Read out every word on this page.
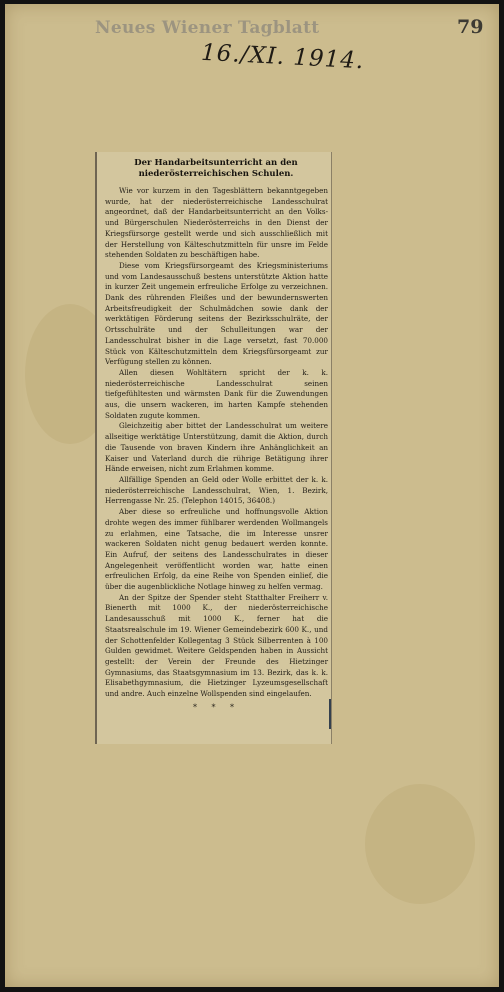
Neues Wiener Tagblatt	79
16./XI. 1914.
Der Handarbeitsunterricht an den niederösterreichischen Schulen.

Wie vor kurzem in den Tagesblättern bekanntgegeben wurde, hat der niederösterreichische Landesschulrat angeordnet, daß der Handarbeitsunterricht an den Volks- und Bürgerschulen Niederösterreichs in den Dienst der Kriegsfürsorge gestellt werde und sich ausschließlich mit der Herstellung von Kälteschutzmitteln für unsre im Felde stehenden Soldaten zu beschäftigen habe.

Diese vom Kriegsfürsorgeamt des Kriegsministeriums und vom Landesausschuß bestens unterstützte Aktion hatte in kurzer Zeit ungemein erfreuliche Erfolge zu verzeichnen. Dank des rührenden Fleißes und der bewundernswerten Arbeitsfreudigkeit der Schulmädchen sowie dank der werktätigen Förderung seitens der Bezirksschulräte, der Ortsschulräte und der Schulleitungen war der Landesschulrat bisher in die Lage versetzt, fast 70.000 Stück von Kälteschutzmitteln dem Kriegsfürsorgeamt zur Verfügung stellen zu können.

Allen diesen Wohltätern spricht der k. k. niederösterreichische Landesschulrat seinen tiefgefühltesten und wärmsten Dank für die Zuwendungen aus, die unsern wackeren, im harten Kampfe stehenden Soldaten zugute kommen.

Gleichzeitig aber bittet der Landesschulrat um weitere allseitige werktätige Unterstützung, damit die Aktion, durch die Tausende von braven Kindern ihre Anhänglichkeit an Kaiser und Vaterland durch die rührige Betätigung ihrer Hände erweisen, nicht zum Erlahmen komme.

Allfällige Spenden an Geld oder Wolle erbittet der k. k. niederösterreichische Landesschulrat, Wien, 1. Bezirk, Herrengasse Nr. 25. (Telephon 14015, 36408.)

Aber diese so erfreuliche und hoffnungsvolle Aktion drohte wegen des immer fühlbarer werdenden Wollmangels zu erlahmen, eine Tatsache, die im Interesse unsrer wackeren Soldaten nicht genug bedauert werden konnte. Ein Aufruf, der seitens des Landesschulrates in dieser Angelegenheit veröffentlicht worden war, hatte einen erfreulichen Erfolg, da eine Reihe von Spenden einlief, die über die augenblickliche Notlage hinweg zu helfen vermag.

An der Spitze der Spender steht Statthalter Freiherr v. Bienerth mit 1000 K., der niederösterreichische Landesausschuß mit 1000 K., ferner hat die Staatsrealschule im 19. Wiener Gemeindebezirk 600 K., und der Schottenfelder Kollegentag 3 Stück Silberrenten à 100 Gulden gewidmet. Weitere Geldspenden haben in Aussicht gestellt: der Verein der Freunde des Hietzinger Gymnasiums, das Staatsgymnasium im 13. Bezirk, das k. k. Elisabethgymnasium, die Hietzinger Lyzeumsgesellschaft und andre. Auch einzelne Wollspenden sind eingelaufen.

* * *
